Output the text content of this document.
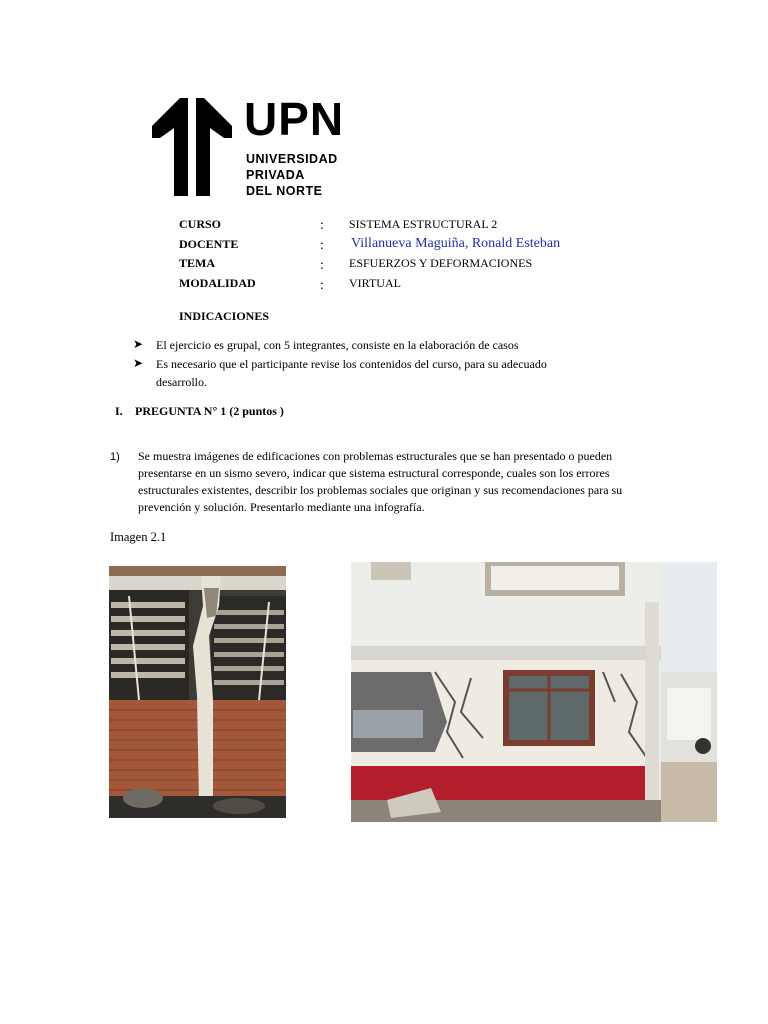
UPN
UNIVERSIDAD
PRIVADA
DEL NORTE
CURSO	: SISTEMA ESTRUCTURAL 2
DOCENTE	: Villanueva Maguiña, Ronald Esteban
TEMA	: ESFUERZOS Y DEFORMACIONES
MODALIDAD	: VIRTUAL
INDICACIONES
➤ El ejercicio es grupal, con 5 integrantes, consiste en la elaboración de casos
➤ Es necesario que el participante revise los contenidos del curso, para su adecuado
desarrollo.
I. PREGUNTA N° 1 (2 puntos )
1) Se muestra imágenes de edificaciones con problemas estructurales que se han presentado o pueden
presentarse en un sismo severo, indicar que sistema estructural corresponde, cuales son los errores
estructurales existentes, describir los problemas sociales que originan y sus recomendaciones para su
prevención y solución. Presentarlo mediante una infografía.
Imagen 2.1
